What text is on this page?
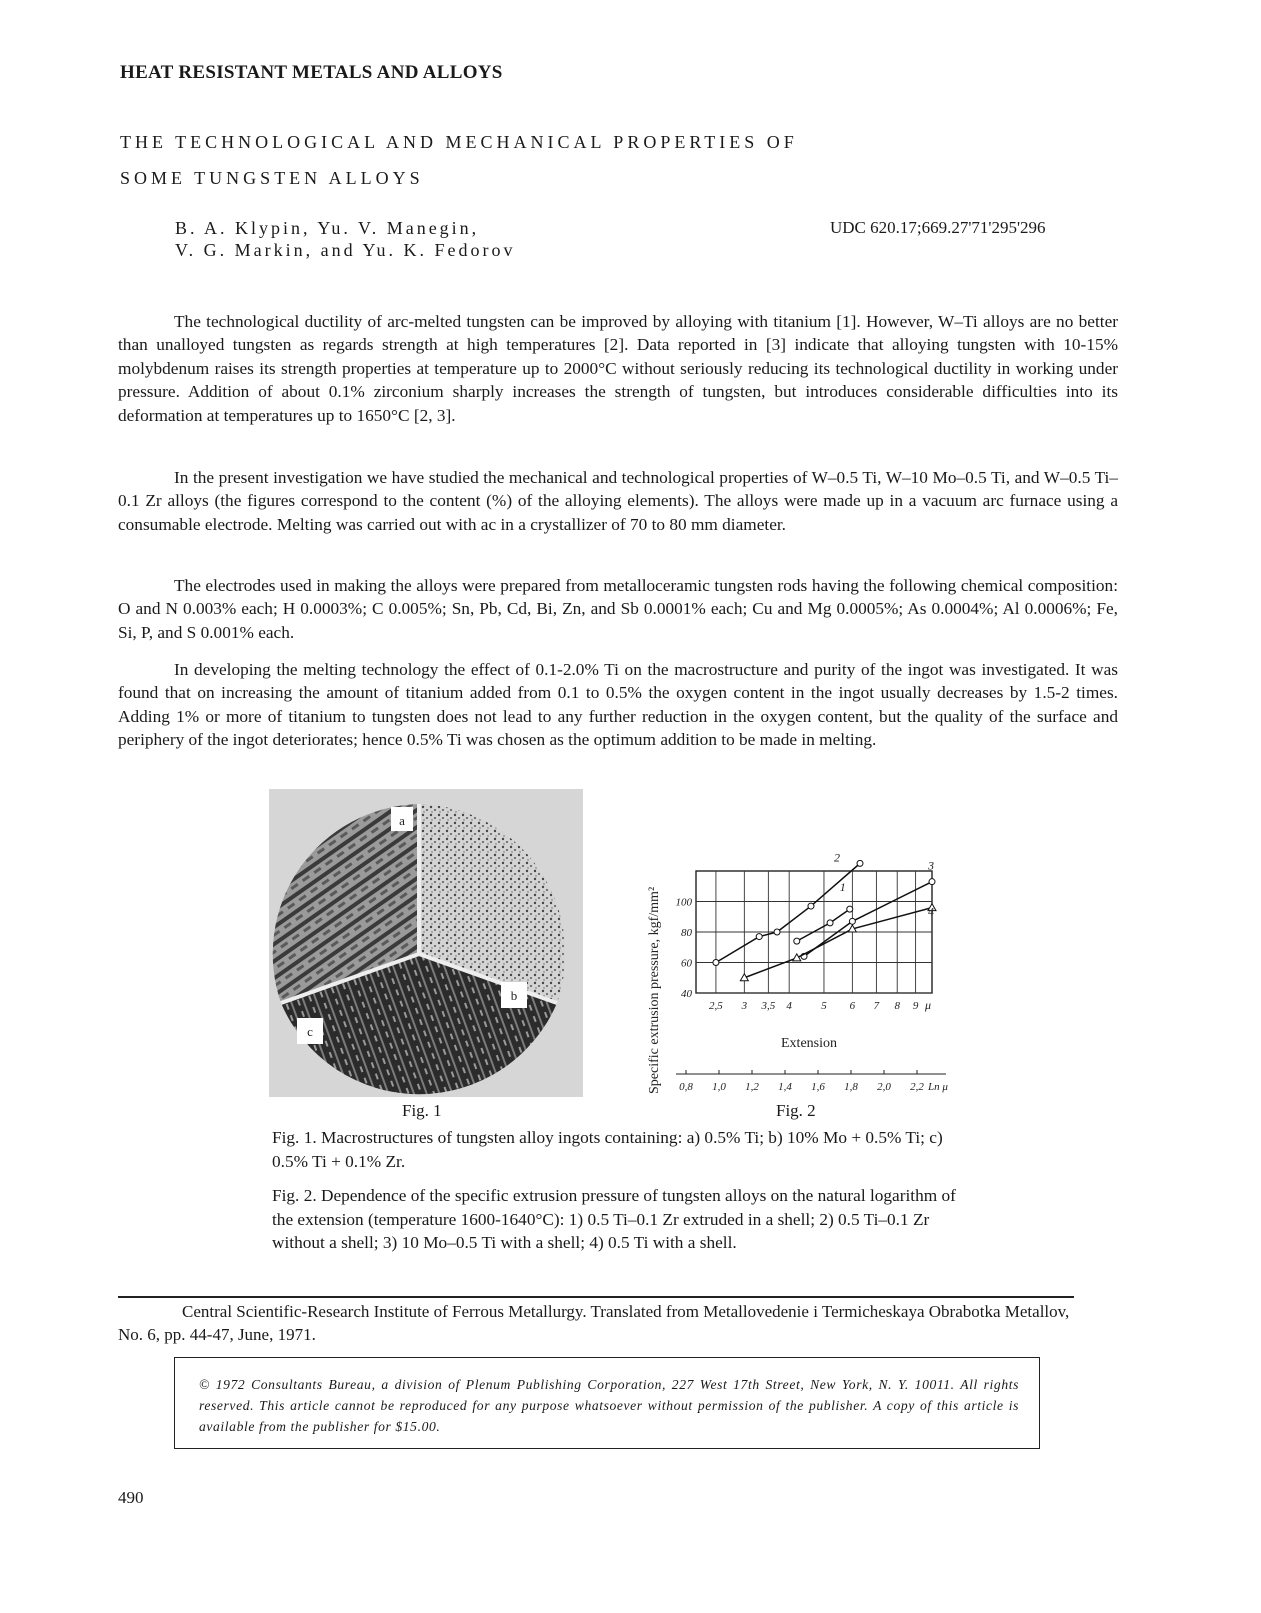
HEAT RESISTANT METALS AND ALLOYS
THE TECHNOLOGICAL AND MECHANICAL PROPERTIES OF
SOME TUNGSTEN ALLOYS
B. A. Klypin, Yu. V. Manegin,
V. G. Markin, and Yu. K. Fedorov
UDC 620.17;669.27'71'295'296

The technological ductility of arc-melted tungsten can be improved by alloying with titanium [1]. However, W–Ti alloys are no better than unalloyed tungsten as regards strength at high temperatures [2]. Data reported in [3] indicate that alloying tungsten with 10-15% molybdenum raises its strength properties at temperature up to 2000°C without seriously reducing its technological ductility in working under pressure. Addition of about 0.1% zirconium sharply increases the strength of tungsten, but introduces considerable difficulties into its deformation at temperatures up to 1650°C [2, 3].

In the present investigation we have studied the mechanical and technological properties of W–0.5 Ti, W–10 Mo–0.5 Ti, and W–0.5 Ti–0.1 Zr alloys (the figures correspond to the content (%) of the alloying elements). The alloys were made up in a vacuum arc furnace using a consumable electrode. Melting was carried out with ac in a crystallizer of 70 to 80 mm diameter.

The electrodes used in making the alloys were prepared from metalloceramic tungsten rods having the following chemical composition: O and N 0.003% each; H 0.0003%; C 0.005%; Sn, Pb, Cd, Bi, Zn, and Sb 0.0001% each; Cu and Mg 0.0005%; As 0.0004%; Al 0.0006%; Fe, Si, P, and S 0.001% each.

In developing the melting technology the effect of 0.1-2.0% Ti on the macrostructure and purity of the ingot was investigated. It was found that on increasing the amount of titanium added from 0.1 to 0.5% the oxygen content in the ingot usually decreases by 1.5-2 times. Adding 1% or more of titanium to tungsten does not lead to any further reduction in the oxygen content, but the quality of the surface and periphery of the ingot deteriorates; hence 0.5% Ti was chosen as the optimum addition to be made in melting.

a
b
c
Fig. 1
Specific extrusion pressure, kgf/mm²	1
2
3
4
2,5 3 3,5 4	5 6 7 8 9 μ
40
60
80
100
Extension
0,8 1,0 1,2 1,4 1,6 1,8 2,0 2,2 Ln μ
Fig. 2

Fig. 1. Macrostructures of tungsten alloy ingots containing: a) 0.5% Ti; b) 10% Mo + 0.5% Ti; c) 0.5% Ti + 0.1% Zr.

Fig. 2. Dependence of the specific extrusion pressure of tungsten alloys on the natural logarithm of the extension (temperature 1600-1640°C): 1) 0.5 Ti–0.1 Zr extruded in a shell; 2) 0.5 Ti–0.1 Zr without a shell; 3) 10 Mo–0.5 Ti with a shell; 4) 0.5 Ti with a shell.

Central Scientific-Research Institute of Ferrous Metallurgy. Translated from Metallovedenie i Termicheskaya Obrabotka Metallov, No. 6, pp. 44-47, June, 1971.

© 1972 Consultants Bureau, a division of Plenum Publishing Corporation, 227 West 17th Street, New York, N. Y. 10011. All rights reserved. This article cannot be reproduced for any purpose whatsoever without permission of the publisher. A copy of this article is available from the publisher for $15.00.
490
